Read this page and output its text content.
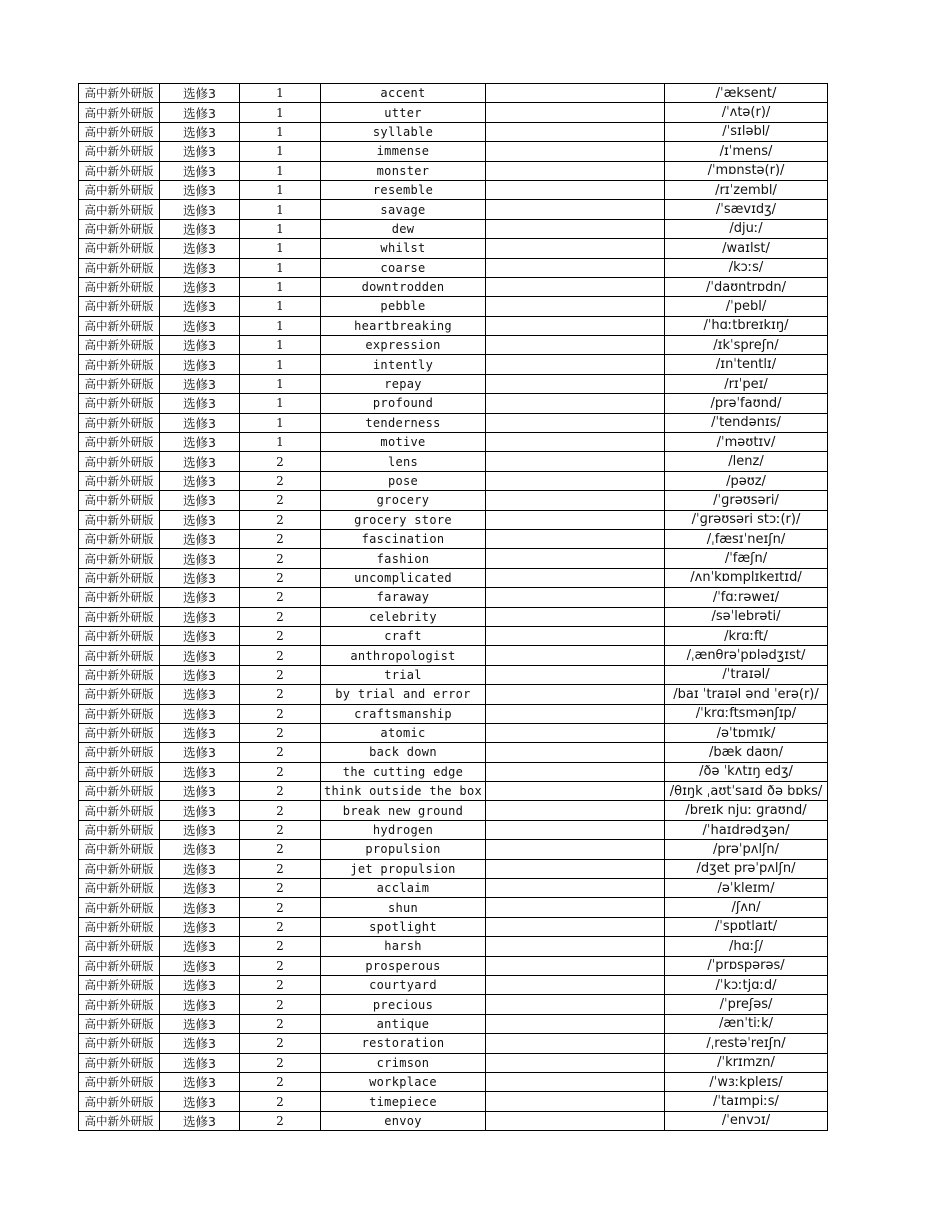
高中新外研版	选修3	1	accent		/ˈæksent/
高中新外研版	选修3	1	utter		/ˈʌtə(r)/
高中新外研版	选修3	1	syllable		/ˈsɪləbl/
高中新外研版	选修3	1	immense		/ɪˈmens/
高中新外研版	选修3	1	monster		/ˈmɒnstə(r)/
高中新外研版	选修3	1	resemble		/rɪˈzembl/
高中新外研版	选修3	1	savage		/ˈsævɪdʒ/
高中新外研版	选修3	1	dew		/djuː/
高中新外研版	选修3	1	whilst		/waɪlst/
高中新外研版	选修3	1	coarse		/kɔːs/
高中新外研版	选修3	1	downtrodden		/ˈdaʊntrɒdn/
高中新外研版	选修3	1	pebble		/ˈpebl/
高中新外研版	选修3	1	heartbreaking		/ˈhɑːtbreɪkɪŋ/
高中新外研版	选修3	1	expression		/ɪkˈspreʃn/
高中新外研版	选修3	1	intently		/ɪnˈtentlɪ/
高中新外研版	选修3	1	repay		/rɪˈpeɪ/
高中新外研版	选修3	1	profound		/prəˈfaʊnd/
高中新外研版	选修3	1	tenderness		/ˈtendənɪs/
高中新外研版	选修3	1	motive		/ˈməʊtɪv/
高中新外研版	选修3	2	lens		/lenz/
高中新外研版	选修3	2	pose		/pəʊz/
高中新外研版	选修3	2	grocery		/ˈɡrəʊsəri/
高中新外研版	选修3	2	grocery store		/ˈɡrəʊsəri stɔː(r)/
高中新外研版	选修3	2	fascination		/ˌfæsɪˈneɪʃn/
高中新外研版	选修3	2	fashion		/ˈfæʃn/
高中新外研版	选修3	2	uncomplicated		/ʌnˈkɒmplɪkeɪtɪd/
高中新外研版	选修3	2	faraway		/ˈfɑːrəweɪ/
高中新外研版	选修3	2	celebrity		/səˈlebrəti/
高中新外研版	选修3	2	craft		/krɑːft/
高中新外研版	选修3	2	anthropologist		/ˌænθrəˈpɒlədʒɪst/
高中新外研版	选修3	2	trial		/ˈtraɪəl/
高中新外研版	选修3	2	by trial and error		/baɪ ˈtraɪəl ənd ˈerə(r)/
高中新外研版	选修3	2	craftsmanship		/ˈkrɑːftsmənʃɪp/
高中新外研版	选修3	2	atomic		/əˈtɒmɪk/
高中新外研版	选修3	2	back down		/bæk daʊn/
高中新外研版	选修3	2	the cutting edge		/ðə ˈkʌtɪŋ edʒ/
高中新外研版	选修3	2	think outside the box		/θɪŋk ˌaʊtˈsaɪd ðə bɒks/
高中新外研版	选修3	2	break new ground		/breɪk njuː ɡraʊnd/
高中新外研版	选修3	2	hydrogen		/ˈhaɪdrədʒən/
高中新外研版	选修3	2	propulsion		/prəˈpʌlʃn/
高中新外研版	选修3	2	jet propulsion		/dʒet prəˈpʌlʃn/
高中新外研版	选修3	2	acclaim		/əˈkleɪm/
高中新外研版	选修3	2	shun		/ʃʌn/
高中新外研版	选修3	2	spotlight		/ˈspɒtlaɪt/
高中新外研版	选修3	2	harsh		/hɑːʃ/
高中新外研版	选修3	2	prosperous		/ˈprɒspərəs/
高中新外研版	选修3	2	courtyard		/ˈkɔːtjɑːd/
高中新外研版	选修3	2	precious		/ˈpreʃəs/
高中新外研版	选修3	2	antique		/ænˈtiːk/
高中新外研版	选修3	2	restoration		/ˌrestəˈreɪʃn/
高中新外研版	选修3	2	crimson		/ˈkrɪmzn/
高中新外研版	选修3	2	workplace		/ˈwɜːkpleɪs/
高中新外研版	选修3	2	timepiece		/ˈtaɪmpiːs/
高中新外研版	选修3	2	envoy		/ˈenvɔɪ/
